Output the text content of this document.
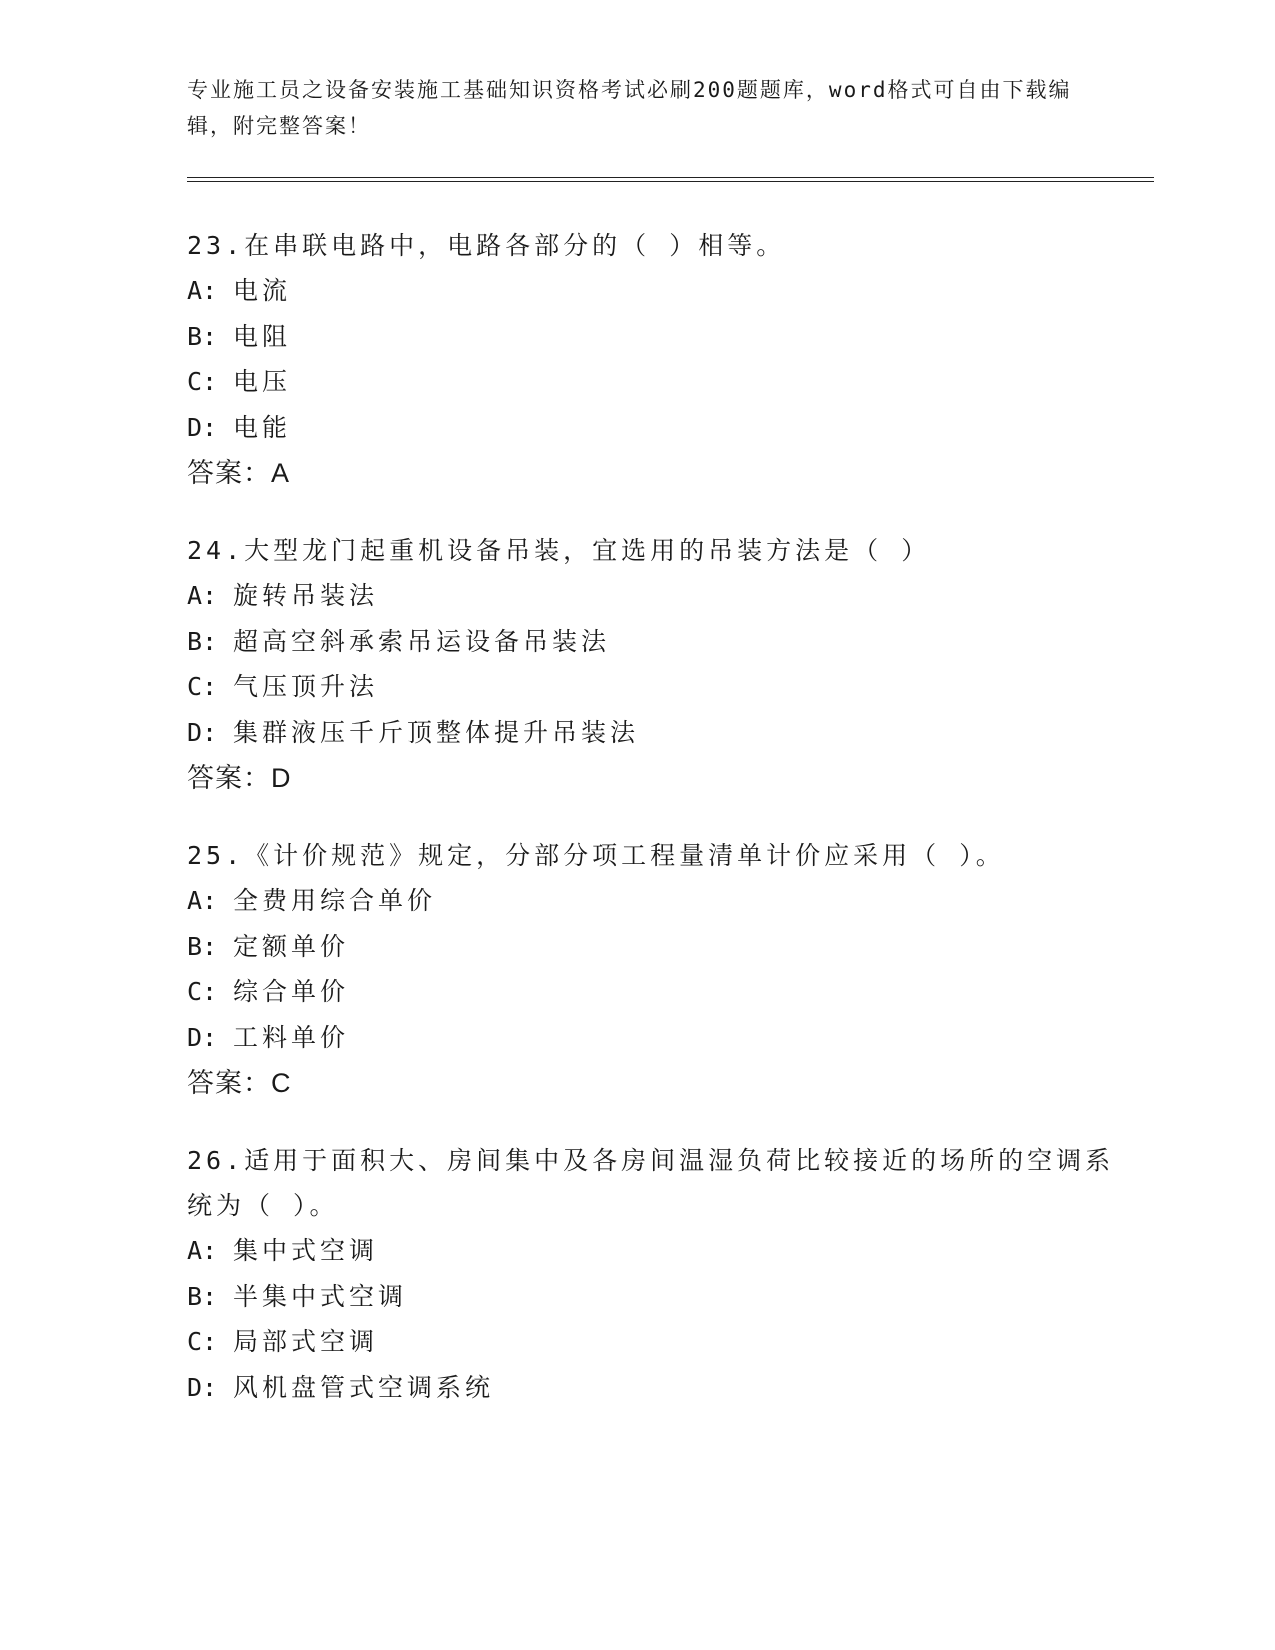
专业施工员之设备安装施工基础知识资格考试必刷200题题库，word格式可自由下载编辑，附完整答案！

23.在串联电路中，电路各部分的（ ）相等。

A: 电流

B: 电阻

C: 电压

D: 电能

答案：A

24.大型龙门起重机设备吊装，宜选用的吊装方法是（ ）

A: 旋转吊装法

B: 超高空斜承索吊运设备吊装法

C: 气压顶升法

D: 集群液压千斤顶整体提升吊装法

答案：D

25.《计价规范》规定，分部分项工程量清单计价应采用（ ）。

A: 全费用综合单价

B: 定额单价

C: 综合单价

D: 工料单价

答案：C

26.适用于面积大、房间集中及各房间温湿负荷比较接近的场所的空调系统为（ ）。

A: 集中式空调

B: 半集中式空调

C: 局部式空调

D: 风机盘管式空调系统
